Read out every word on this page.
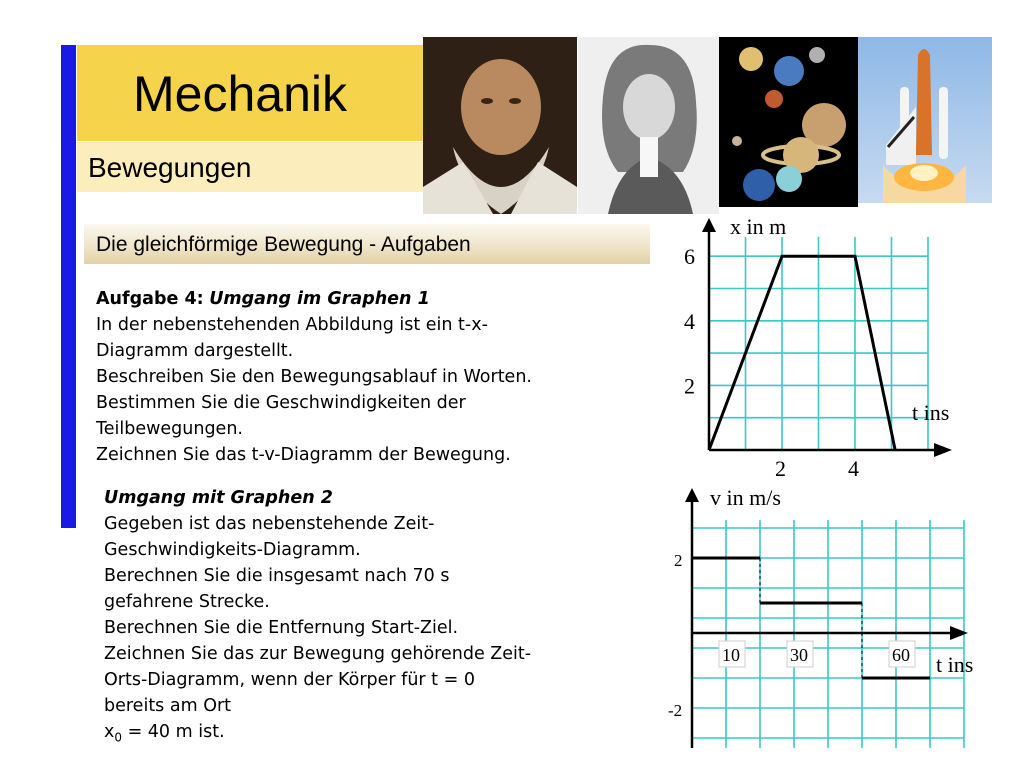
Mechanik
Bewegungen
Die gleichförmige Bewegung - Aufgaben
Aufgabe 4: Umgang im Graphen 1
In der nebenstehenden Abbildung ist ein t-x-
Diagramm dargestellt.
Beschreiben Sie den Bewegungsablauf in Worten.
Bestimmen Sie die Geschwindigkeiten der
Teilbewegungen.
Zeichnen Sie das t-v-Diagramm der Bewegung.
Umgang mit Graphen 2
Gegeben ist das nebenstehende Zeit-
Geschwindigkeits-Diagramm.
Berechnen Sie die insgesamt nach 70 s
gefahrene Strecke.
Berechnen Sie die Entfernung Start-Ziel.
Zeichnen Sie das zur Bewegung gehörende Zeit-
Orts-Diagramm, wenn der Körper für t = 0
bereits am Ort
$x_0 = 40$ m ist.
2
4
6
2	4
x in m
t ins
2
-2
10	30	60
v in m/s
t ins
